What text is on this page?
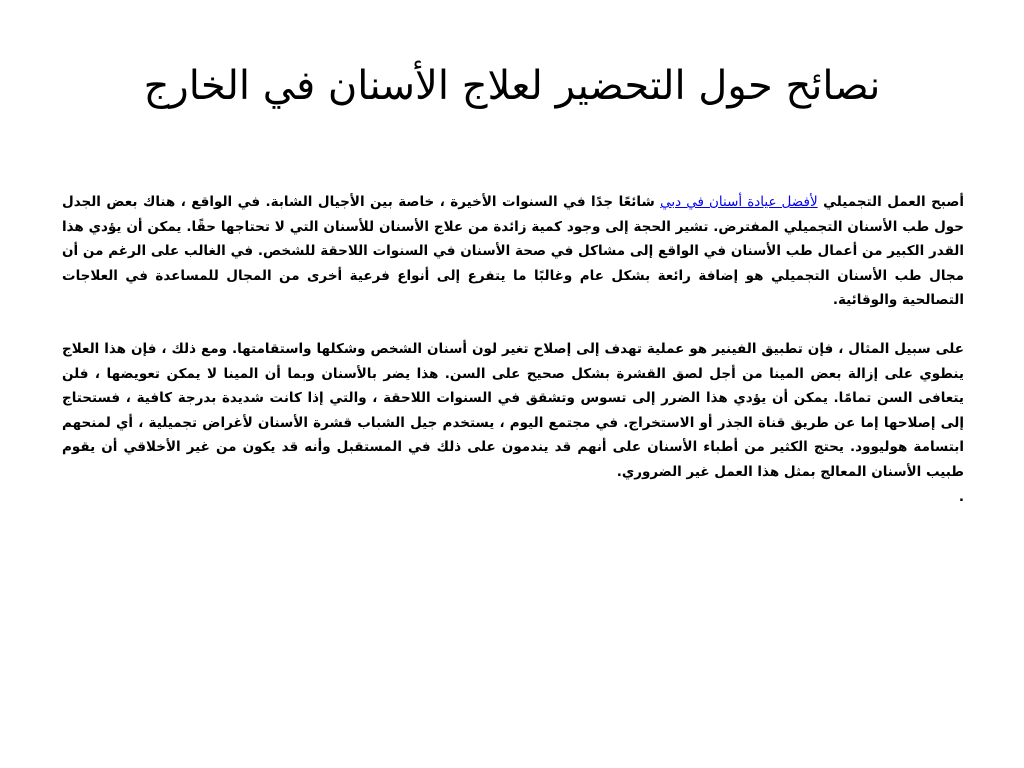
نصائح حول التحضير لعلاج الأسنان في الخارج

أصبح العمل التجميلي لأفضل عيادة أسنان في دبي شائعًا جدًا في السنوات الأخيرة ، خاصة بين الأجيال الشابة. في الواقع ، هناك بعض الجدل حول طب الأسنان التجميلي المفترض. تشير الحجة إلى وجود كمية زائدة من علاج الأسنان للأسنان التي لا تحتاجها حقًا. يمكن أن يؤدي هذا القدر الكبير من أعمال طب الأسنان في الواقع إلى مشاكل في صحة الأسنان في السنوات اللاحقة للشخص. في الغالب على الرغم من أن مجال طب الأسنان التجميلي هو إضافة رائعة بشكل عام وغالبًا ما يتفرع إلى أنواع فرعية أخرى من المجال للمساعدة في العلاجات التصالحية والوقائية.

على سبيل المثال ، فإن تطبيق الفينير هو عملية تهدف إلى إصلاح تغير لون أسنان الشخص وشكلها واستقامتها. ومع ذلك ، فإن هذا العلاج ينطوي على إزالة بعض المينا من أجل لصق القشرة بشكل صحيح على السن. هذا يضر بالأسنان وبما أن المينا لا يمكن تعويضها ، فلن يتعافى السن تمامًا. يمكن أن يؤدي هذا الضرر إلى تسوس وتشقق في السنوات اللاحقة ، والتي إذا كانت شديدة بدرجة كافية ، فستحتاج إلى إصلاحها إما عن طريق قناة الجذر أو الاستخراج. في مجتمع اليوم ، يستخدم جيل الشباب قشرة الأسنان لأغراض تجميلية ، أي لمنحهم ابتسامة هوليوود. يحتج الكثير من أطباء الأسنان على أنهم قد يندمون على ذلك في المستقبل وأنه قد يكون من غير الأخلاقي أن يقوم طبيب الأسنان المعالج بمثل هذا العمل غير الضروري.

.
